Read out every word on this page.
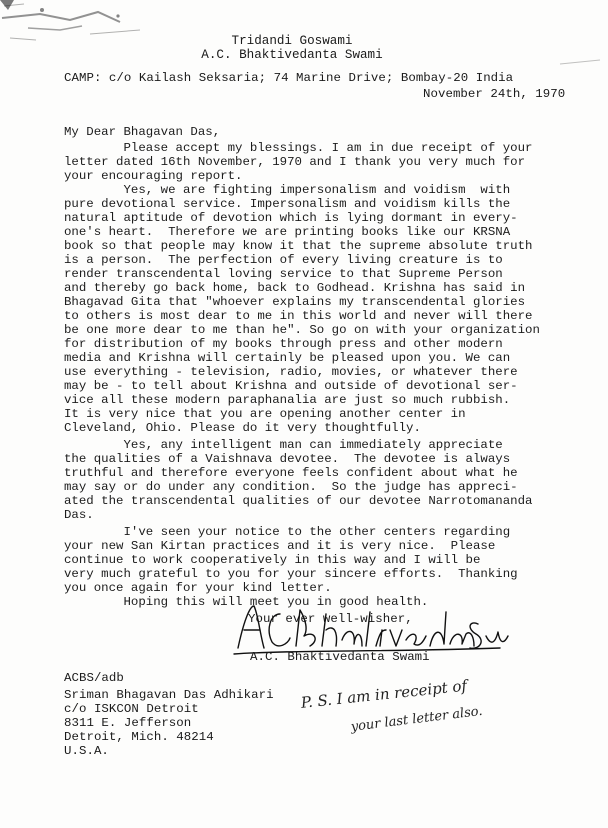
Tridandi Goswami
A.C. Bhaktivedanta Swami
CAMP: c/o Kailash Seksaria; 74 Marine Drive; Bombay-20 India
November 24th, 1970
My Dear Bhagavan Das,
Please accept my blessings. I am in due receipt of your
letter dated 16th November, 1970 and I thank you very much for
your encouraging report.
Yes, we are fighting impersonalism and voidism  with
pure devotional service. Impersonalism and voidism kills the
natural aptitude of devotion which is lying dormant in every-
one's heart.  Therefore we are printing books like our KRSNA
book so that people may know it that the supreme absolute truth
is a person.  The perfection of every living creature is to
render transcendental loving service to that Supreme Person
and thereby go back home, back to Godhead. Krishna has said in
Bhagavad Gita that "whoever explains my transcendental glories
to others is most dear to me in this world and never will there
be one more dear to me than he". So go on with your organization
for distribution of my books through press and other modern
media and Krishna will certainly be pleased upon you. We can
use everything - television, radio, movies, or whatever there
may be - to tell about Krishna and outside of devotional ser-
vice all these modern paraphanalia are just so much rubbish.
It is very nice that you are opening another center in
Cleveland, Ohio. Please do it very thoughtfully.
Yes, any intelligent man can immediately appreciate
the qualities of a Vaishnava devotee.  The devotee is always
truthful and therefore everyone feels confident about what he
may say or do under any condition.  So the judge has appreci-
ated the transcendental qualities of our devotee Narrotomananda
Das.
I've seen your notice to the other centers regarding
your new San Kirtan practices and it is very nice.  Please
continue to work cooperatively in this way and I will be
very much grateful to you for your sincere efforts.  Thanking
you once again for your kind letter.
Hoping this will meet you in good health.
Your ever well-wisher,
A.C. Bhaktivedanta Swami
ACBS/adb
Sriman Bhagavan Das Adhikari
c/o ISKCON Detroit
8311 E. Jefferson
Detroit, Mich. 48214
U.S.A.
P. S. I am in receipt of
your last letter also.
